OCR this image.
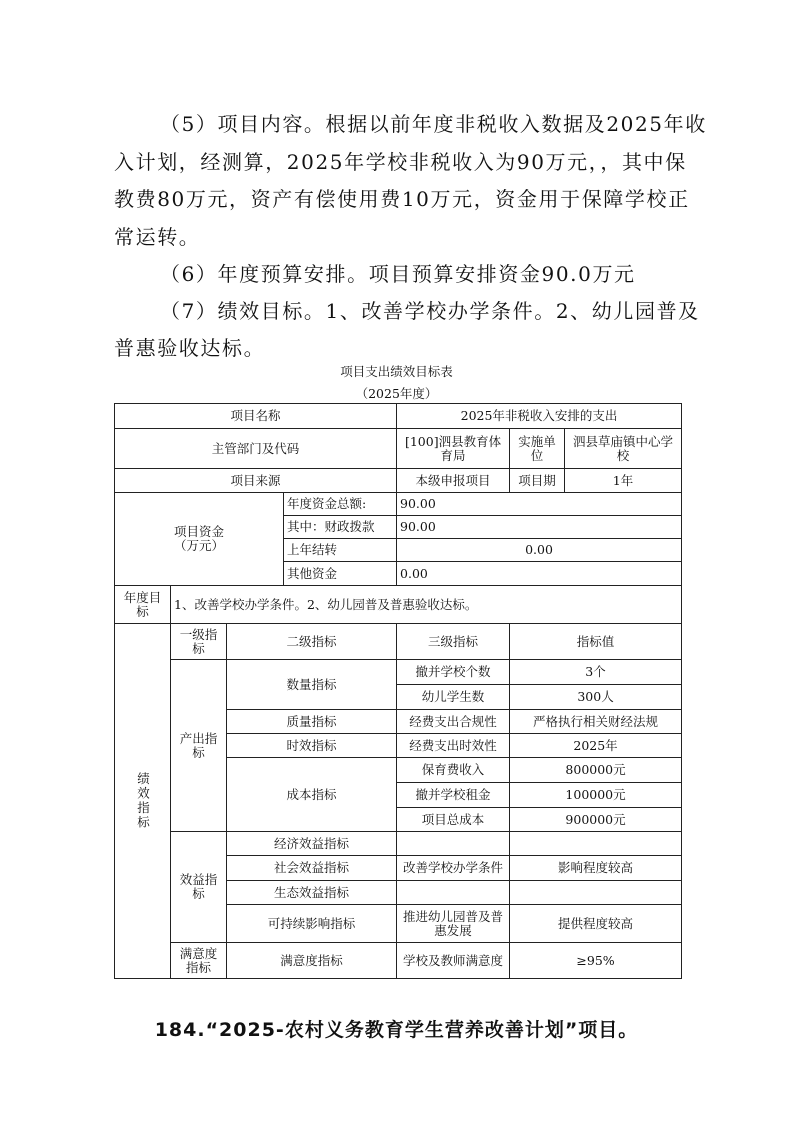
（5）项目内容。根据以前年度非税收入数据及2025年收
入计划，经测算，2025年学校非税收入为90万元，，其中保
教费80万元，资产有偿使用费10万元，资金用于保障学校正
常运转。
（6）年度预算安排。项目预算安排资金90.0万元
（7）绩效目标。1、改善学校办学条件。2、幼儿园普及
普惠验收达标。
项目支出绩效目标表
（2025年度）
项目名称				2025年非税收入安排的支出		
主管部门及代码				[100]泗县教育体育局	实施单位	泗县草庙镇中心学校
项目来源				本级申报项目	项目期	1年
项目资金
（万元）			年度资金总额:	90.00		
			其中：财政拨款	90.00		
			上年结转	0.00		
			其他资金	0.00		
年度目标	1、改善学校办学条件。2、幼儿园普及普惠验收达标。					
绩效指标	一级指标	二级指标		三级指标	指标值	
	产出指标	数量指标		撤并学校个数	3个	
				幼儿学生数	300人	
		质量指标		经费支出合规性	严格执行相关财经法规	
		时效指标		经费支出时效性	2025年	
		成本指标		保育费收入	800000元	
				撤并学校租金	100000元	
				项目总成本	900000元	
	效益指标	经济效益指标				
		社会效益指标		改善学校办学条件	影响程度较高	
		生态效益指标				
		可持续影响指标		推进幼儿园普及普惠发展	提供程度较高	
	满意度指标	满意度指标		学校及教师满意度	≥95%	
184.“2025-农村义务教育学生营养改善计划”项目。
